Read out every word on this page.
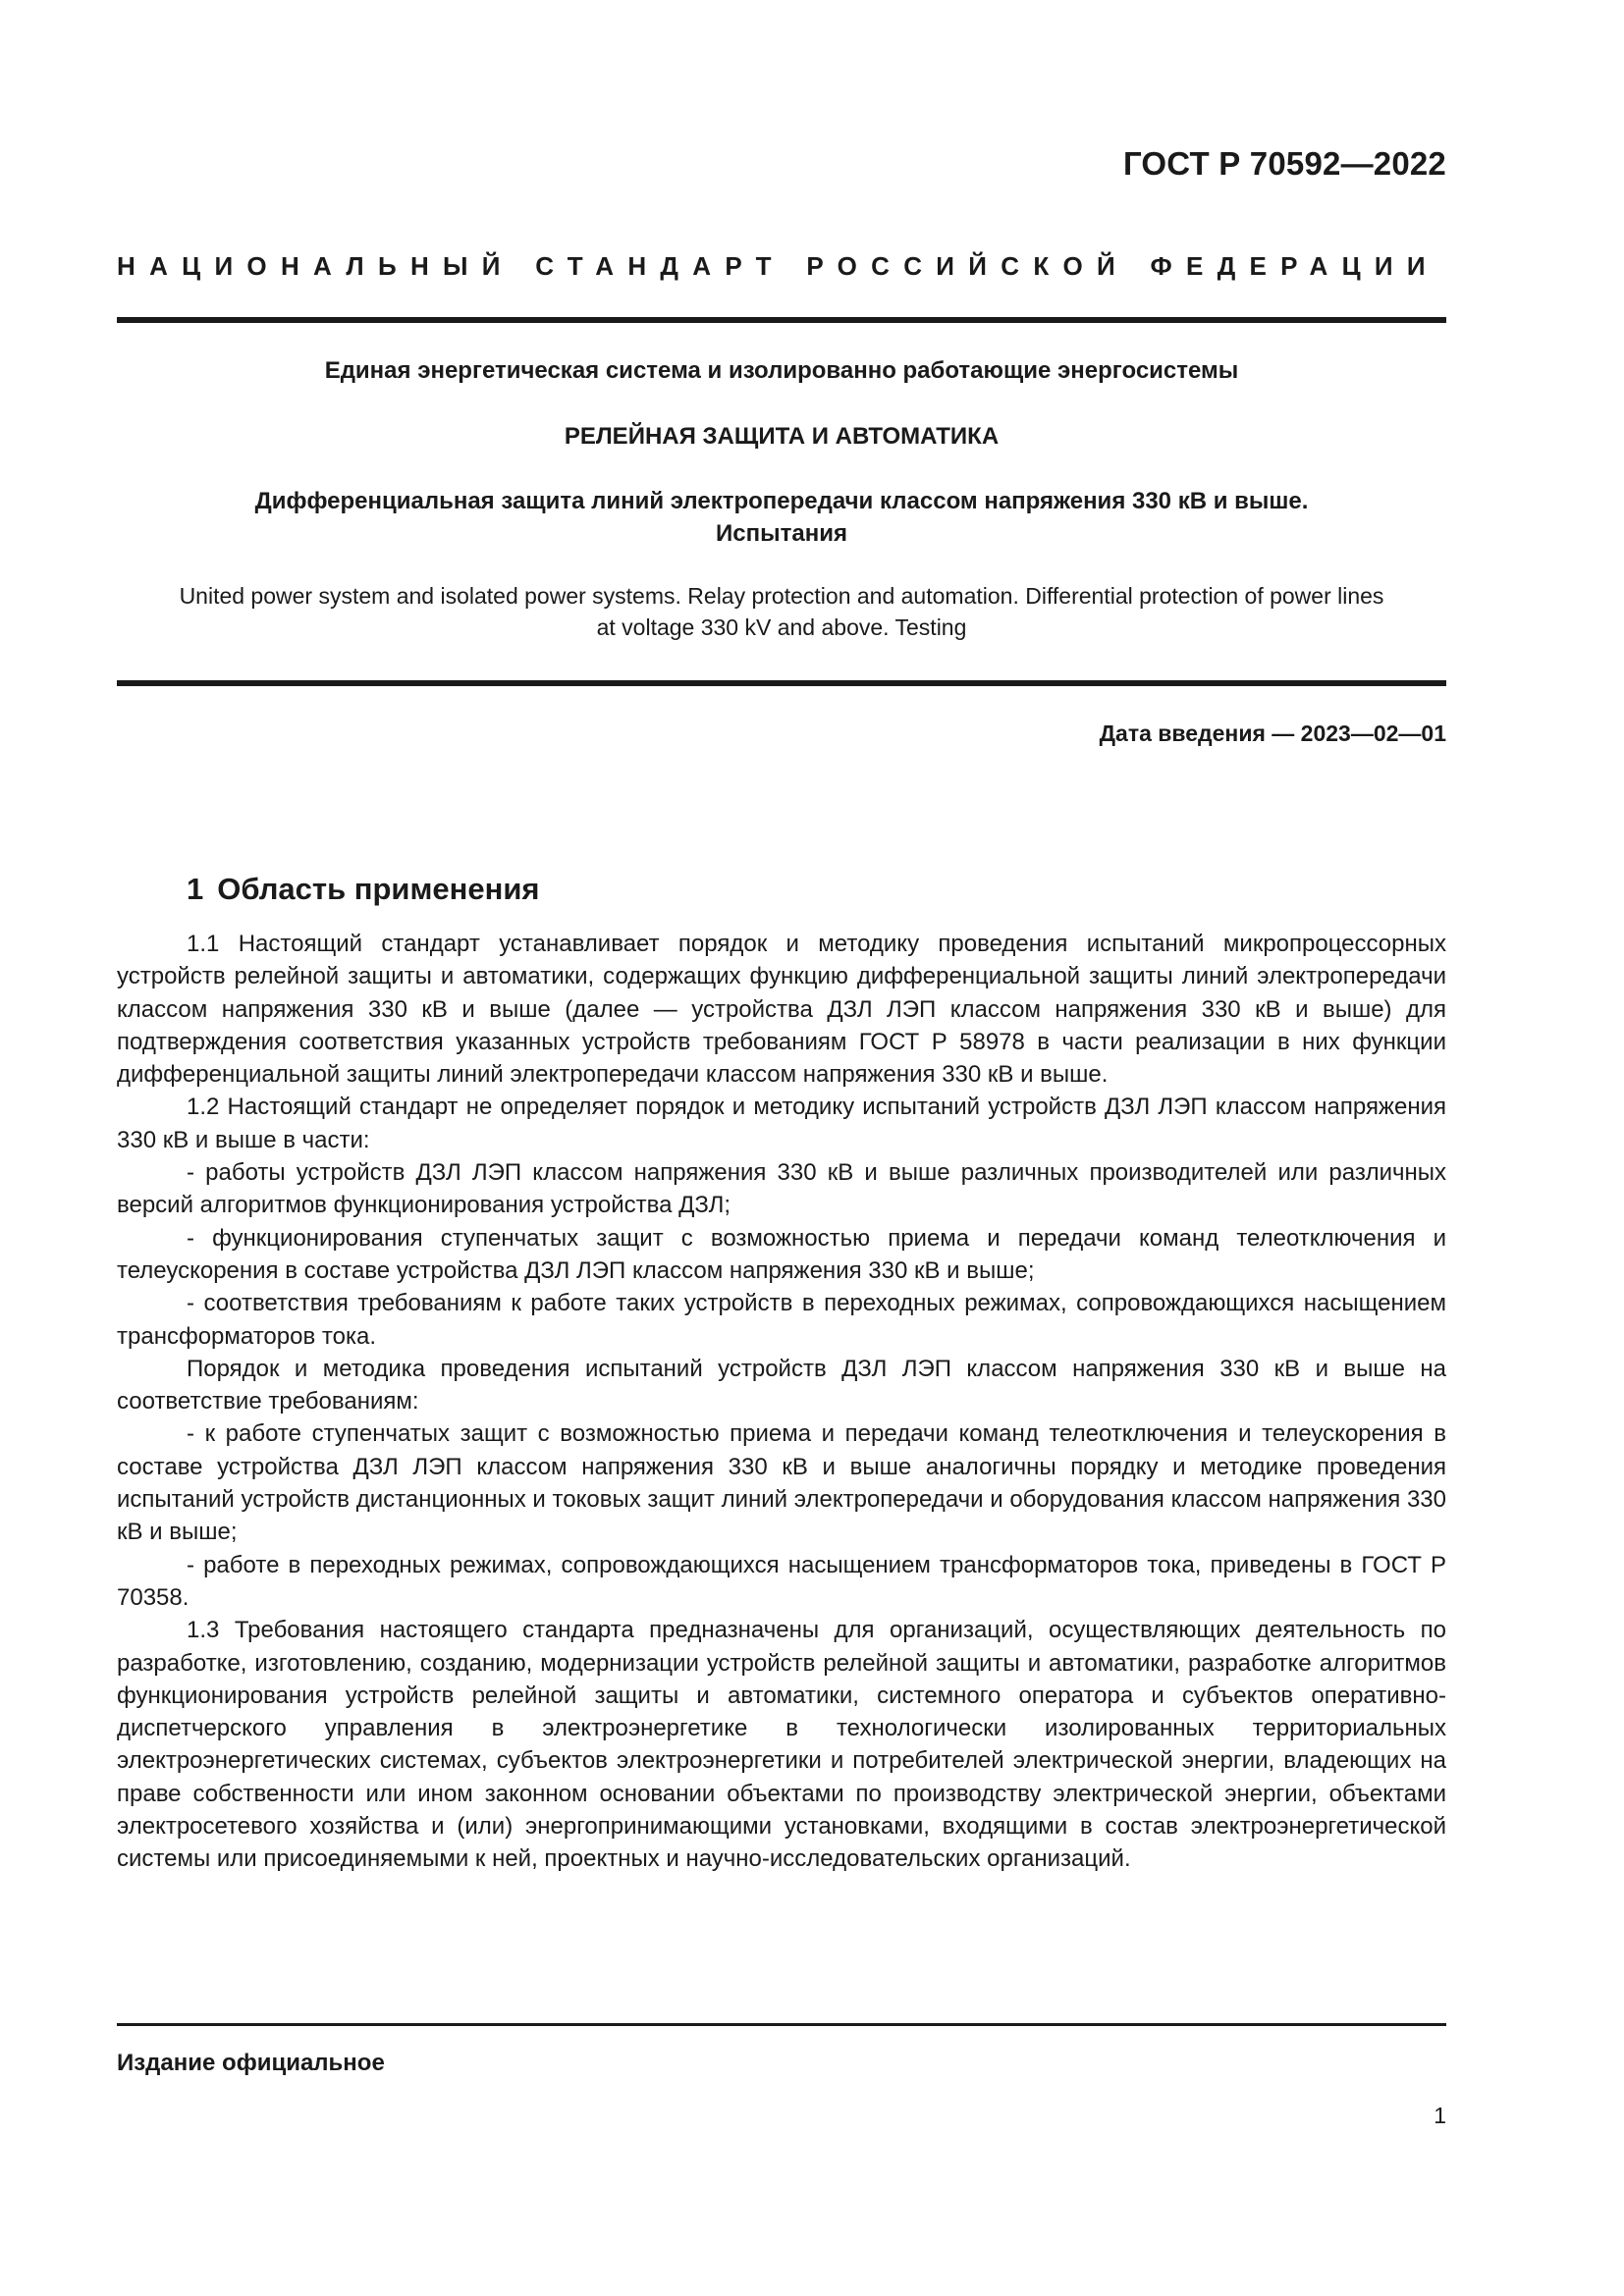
ГОСТ Р 70592—2022
НАЦИОНАЛЬНЫЙ СТАНДАРТ РОССИЙСКОЙ ФЕДЕРАЦИИ
Единая энергетическая система и изолированно работающие энергосистемы
РЕЛЕЙНАЯ ЗАЩИТА И АВТОМАТИКА
Дифференциальная защита линий электропередачи классом напряжения 330 кВ и выше.
Испытания
United power system and isolated power systems. Relay protection and automation. Differential protection of power lines
at voltage 330 kV and above. Testing
Дата введения — 2023—02—01
1 Область применения

1.1 Настоящий стандарт устанавливает порядок и методику проведения испытаний микропроцессорных устройств релейной защиты и автоматики, содержащих функцию дифференциальной защиты линий электропередачи классом напряжения 330 кВ и выше (далее — устройства ДЗЛ ЛЭП классом напряжения 330 кВ и выше) для подтверждения соответствия указанных устройств требованиям ГОСТ Р 58978 в части реализации в них функции дифференциальной защиты линий электропередачи классом напряжения 330 кВ и выше.

1.2 Настоящий стандарт не определяет порядок и методику испытаний устройств ДЗЛ ЛЭП классом напряжения 330 кВ и выше в части:

- работы устройств ДЗЛ ЛЭП классом напряжения 330 кВ и выше различных производителей или различных версий алгоритмов функционирования устройства ДЗЛ;

- функционирования ступенчатых защит с возможностью приема и передачи команд телеотключения и телеускорения в составе устройства ДЗЛ ЛЭП классом напряжения 330 кВ и выше;

- соответствия требованиям к работе таких устройств в переходных режимах, сопровождающихся насыщением трансформаторов тока.

Порядок и методика проведения испытаний устройств ДЗЛ ЛЭП классом напряжения 330 кВ и выше на соответствие требованиям:

- к работе ступенчатых защит с возможностью приема и передачи команд телеотключения и телеускорения в составе устройства ДЗЛ ЛЭП классом напряжения 330 кВ и выше аналогичны порядку и методике проведения испытаний устройств дистанционных и токовых защит линий электропередачи и оборудования классом напряжения 330 кВ и выше;

- работе в переходных режимах, сопровождающихся насыщением трансформаторов тока, приведены в ГОСТ Р 70358.

1.3 Требования настоящего стандарта предназначены для организаций, осуществляющих деятельность по разработке, изготовлению, созданию, модернизации устройств релейной защиты и автоматики, разработке алгоритмов функционирования устройств релейной защиты и автоматики, системного оператора и субъектов оперативно-диспетчерского управления в электроэнергетике в технологически изолированных территориальных электроэнергетических системах, субъектов электроэнергетики и потребителей электрической энергии, владеющих на праве собственности или ином законном основании объектами по производству электрической энергии, объектами электросетевого хозяйства и (или) энергопринимающими установками, входящими в состав электроэнергетической системы или присоединяемыми к ней, проектных и научно-исследовательских организаций.

Издание официальное
1
